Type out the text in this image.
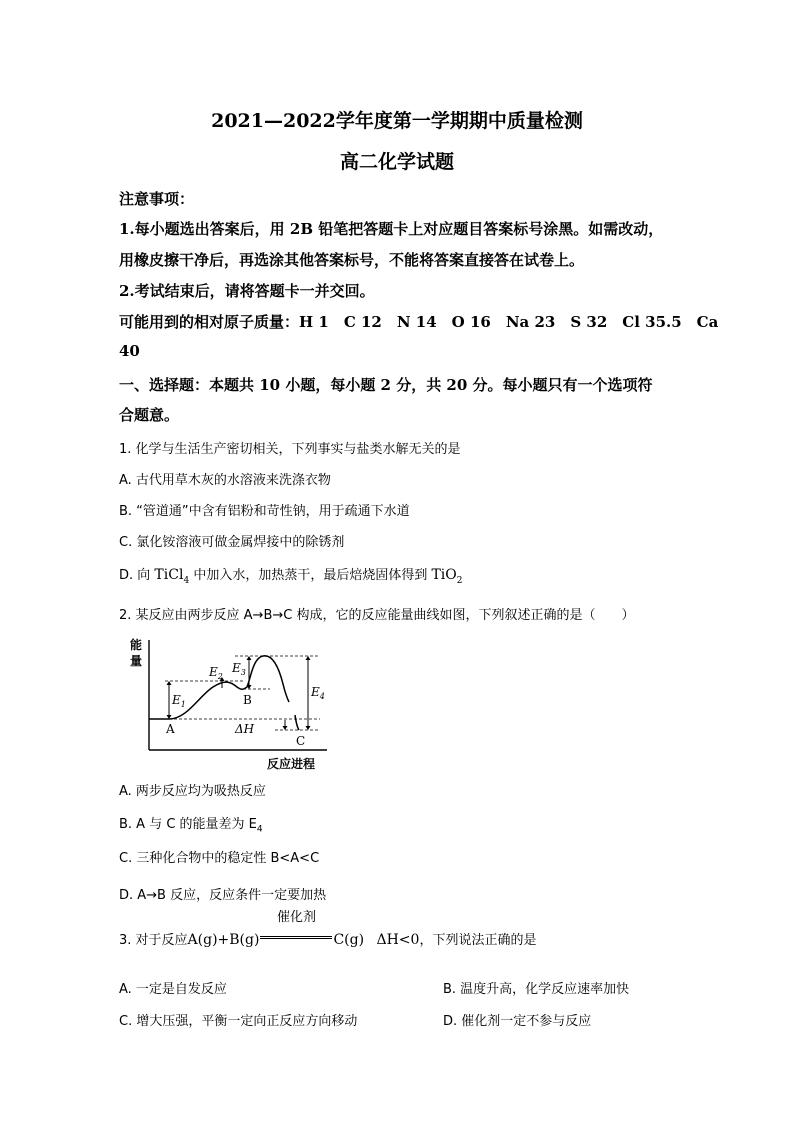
2021—2022学年度第一学期期中质量检测
高二化学试题
注意事项：
1.每小题选出答案后，用 2B 铅笔把答题卡上对应题目答案标号涂黑。如需改动，
用橡皮擦干净后，再选涂其他答案标号，不能将答案直接答在试卷上。
2.考试结束后，请将答题卡一并交回。
可能用到的相对原子质量：H 1　C 12　N 14　O 16　Na 23　S 32　Cl 35.5　Ca
40
一、选择题：本题共 10 小题，每小题 2 分，共 20 分。每小题只有一个选项符
合题意。
1. 化学与生活生产密切相关，下列事实与盐类水解无关的是
A. 古代用草木灰的水溶液来洗涤衣物
B. “管道通”中含有铝粉和苛性钠，用于疏通下水道
C. 氯化铵溶液可做金属焊接中的除锈剂
D. 向 TiCl$_4$ 中加入水，加热蒸干，最后焙烧固体得到 TiO$_2$
2. 某反应由两步反应 A→B→C 构成，它的反应能量曲线如图，下列叙述正确的是（　　）
能
量
反应进程
$E_1$
$E_2$
$E_3$
$E_4$
ΔH
A
B
C
A. 两步反应均为吸热反应
B. A 与 C 的能量差为 $E_4$
C. 三种化合物中的稳定性 B<A<C
D. A→B 反应，反应条件一定要加热
3. 对于反应A(g)+B(g)
催化剂
C(g) ΔH<0，下列说法正确的是
A. 一定是自发反应	B. 温度升高，化学反应速率加快
C. 增大压强，平衡一定向正反应方向移动	D. 催化剂一定不参与反应
